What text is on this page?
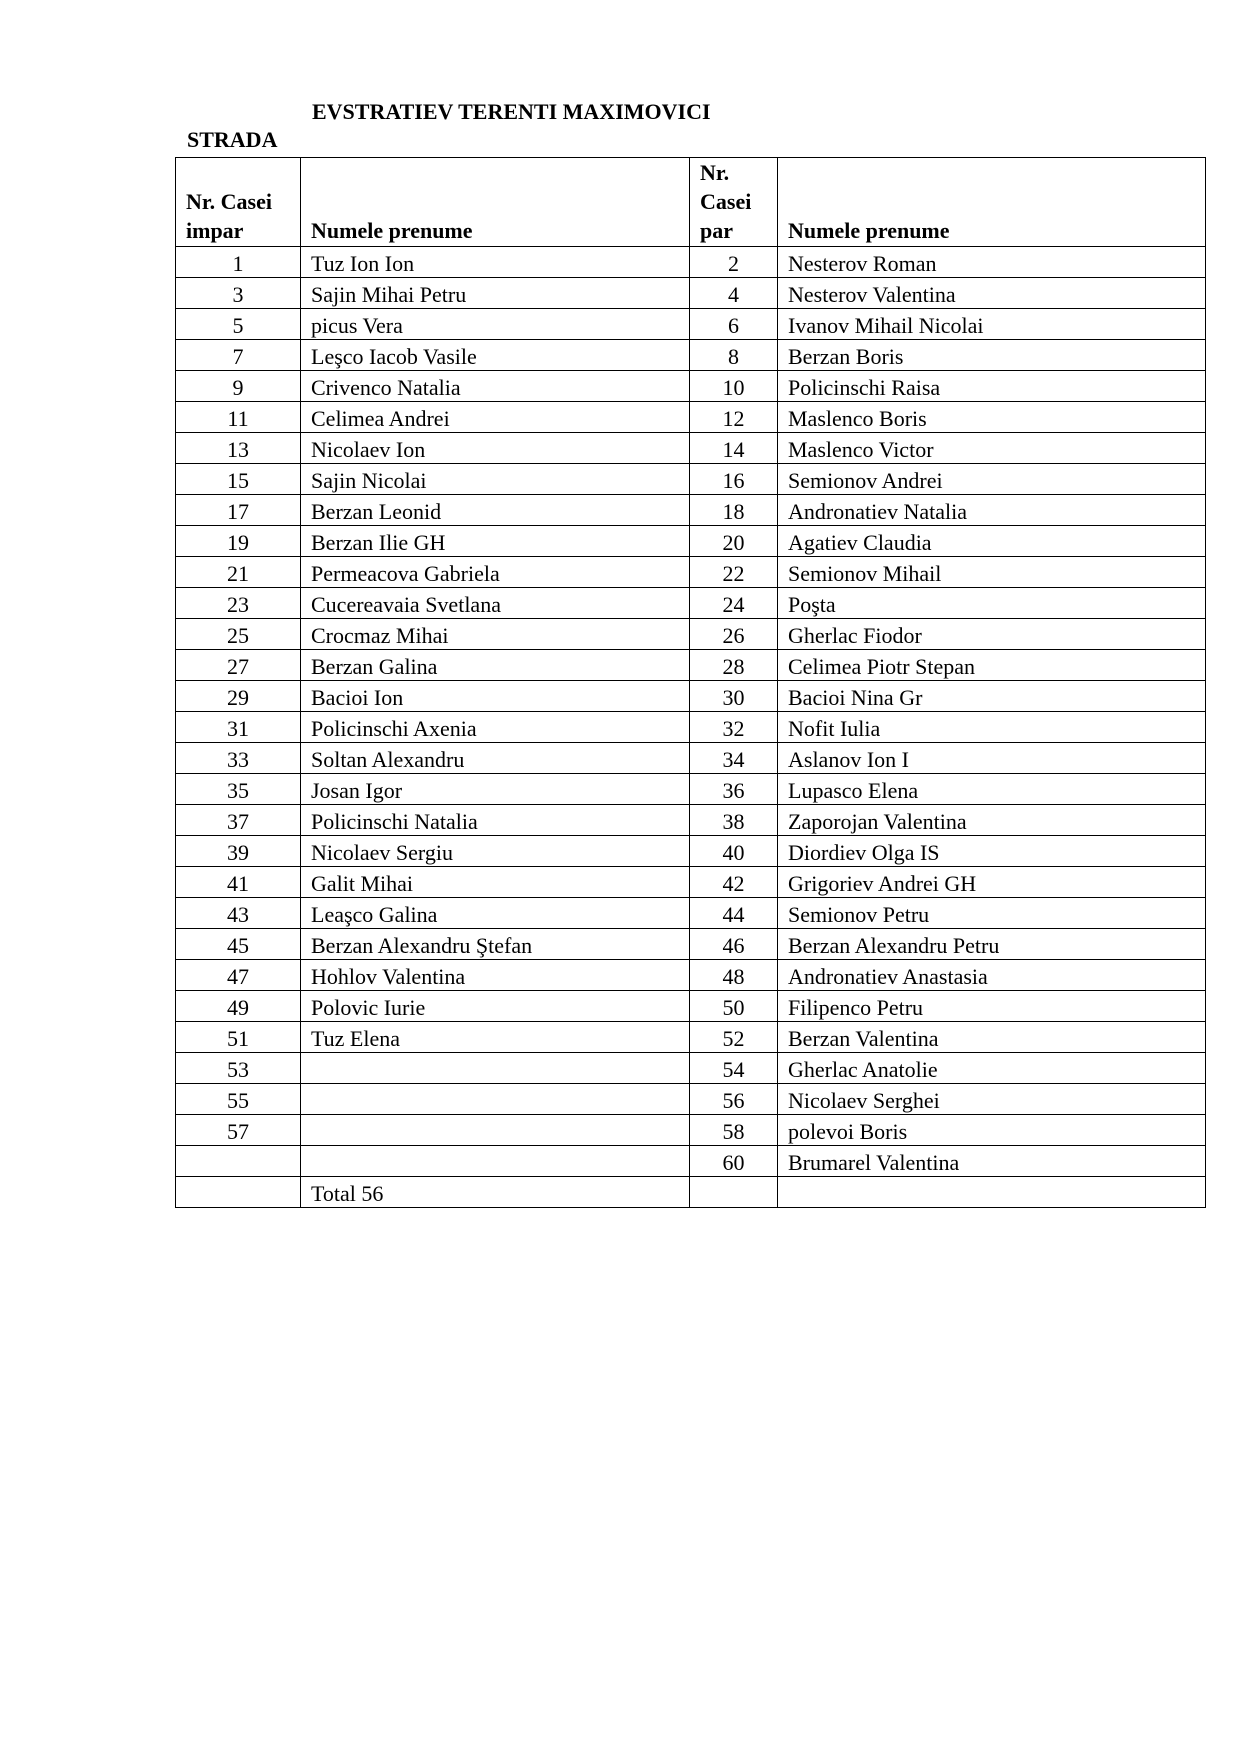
STRADA
EVSTRATIEV TERENTI MAXIMOVICI
Nr. Casei impar	Numele prenume	Nr. Casei par	Numele prenume
1	Tuz Ion Ion	2	Nesterov Roman
3	Sajin Mihai Petru	4	Nesterov Valentina
5	picus Vera	6	Ivanov Mihail Nicolai
7	Leşco Iacob Vasile	8	Berzan Boris
9	Crivenco Natalia	10	Policinschi Raisa
11	Celimea Andrei	12	Maslenco Boris
13	Nicolaev Ion	14	Maslenco Victor
15	Sajin Nicolai	16	Semionov Andrei
17	Berzan Leonid	18	Andronatiev Natalia
19	Berzan Ilie GH	20	Agatiev Claudia
21	Permeacova Gabriela	22	Semionov Mihail
23	Cucereavaia Svetlana	24	Poşta
25	Crocmaz Mihai	26	Gherlac Fiodor
27	Berzan Galina	28	Celimea Piotr Stepan
29	Bacioi Ion	30	Bacioi Nina Gr
31	Policinschi Axenia	32	Nofit Iulia
33	Soltan Alexandru	34	Aslanov Ion I
35	Josan Igor	36	Lupasco Elena
37	Policinschi Natalia	38	Zaporojan Valentina
39	Nicolaev Sergiu	40	Diordiev Olga IS
41	Galit Mihai	42	Grigoriev Andrei GH
43	Leaşco Galina	44	Semionov Petru
45	Berzan Alexandru Ştefan	46	Berzan Alexandru Petru
47	Hohlov Valentina	48	Andronatiev Anastasia
49	Polovic Iurie	50	Filipenco Petru
51	Tuz Elena	52	Berzan Valentina
53		54	Gherlac Anatolie
55		56	Nicolaev Serghei
57		58	polevoi Boris
		60	Brumarel Valentina
	Total 56		
